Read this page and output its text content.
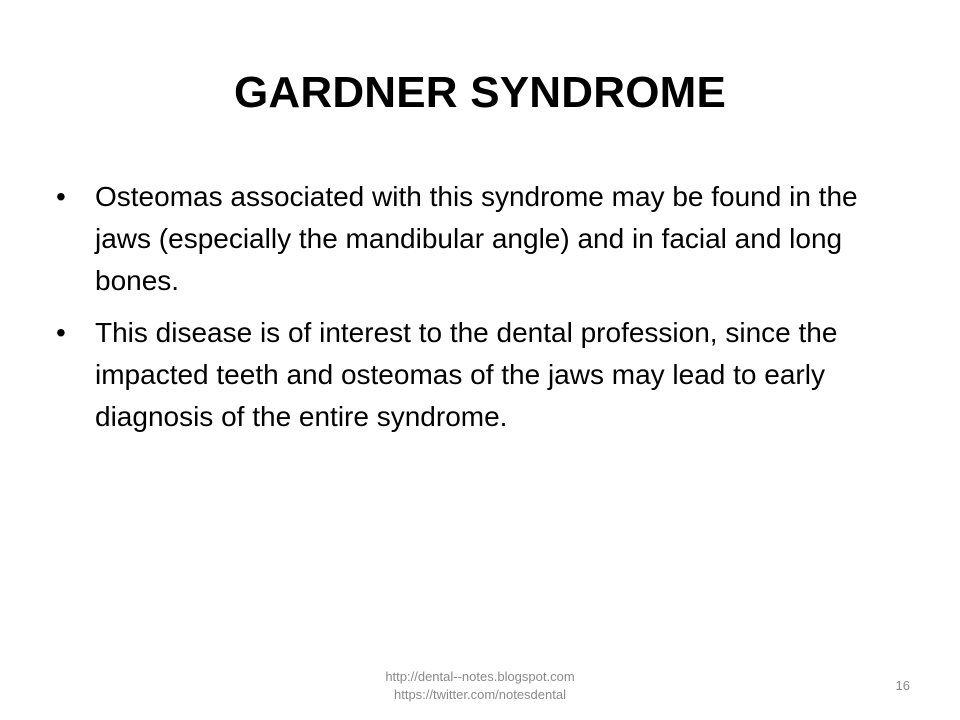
GARDNER SYNDROME
•	Osteomas associated with this syndrome may be found in the jaws (especially the mandibular angle) and in facial and long bones.
•	This disease is of interest to the dental profession, since the impacted teeth and osteomas of the jaws may lead to early diagnosis of the entire syndrome.
http://dental--notes.blogspot.com
https://twitter.com/notesdental
16
